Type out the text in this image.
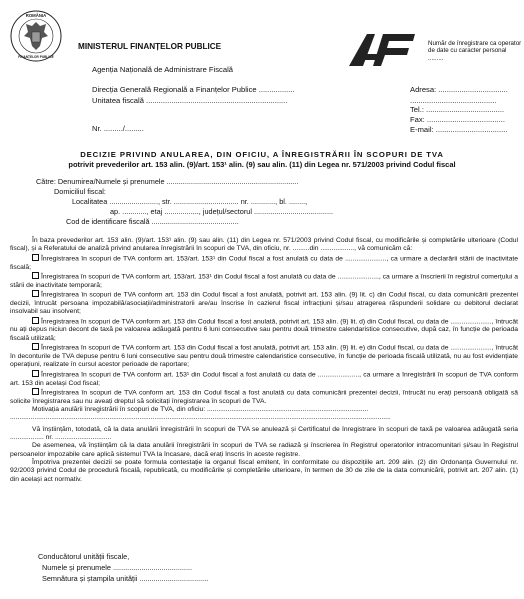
ROMÂNIA
FINANȚELOR PUBLICE
MINISTERUL FINANȚELOR PUBLICE
Agenția Națională de Administrare Fiscală
Direcția Generală Regională a Finanțelor Publice .................
Unitatea fiscală ...................................................................
Nr. ........./.........
Număr de înregistrare ca operator de date cu caracter personal .........
Adresa: .................................
.........................................
Tel.: .....................................
Fax: .....................................
E-mail: ..................................
DECIZIE PRIVIND ANULAREA, DIN OFICIU, A ÎNREGISTRĂRII ÎN SCOPURI DE TVA
potrivit prevederilor art. 153 alin. (9)/art. 153¹ alin. (9) sau alin. (11) din Legea nr. 571/2003 privind Codul fiscal
Către: Denumirea/Numele și prenumele .................................................................
Domiciliul fiscal:
Localitatea ........................, str. ................................ nr. ............, bl. ........,
ap. ............, etaj ................., județul/sectorul .......................................
Cod de identificare fiscală ...........................................

În baza prevederilor art. 153 alin. (9)/art. 153¹ alin. (9) sau alin. (11) din Legea nr. 571/2003 privind Codul fiscal, cu modificările și completările ulterioare (Codul fiscal), și a Referatului de analiză privind anularea înregistrării în scopuri de TVA, din oficiu, nr. .........din .................., vă comunicăm că:

Înregistrarea în scopuri de TVA conform art. 153/art. 153¹ din Codul fiscal a fost anulată cu data de ......................, ca urmare a declarării stării de inactivitate fiscală;

Înregistrarea în scopuri de TVA conform art. 153/art. 153¹ din Codul fiscal a fost anulată cu data de ......................, ca urmare a înscrierii în registrul comerțului a stării de inactivitate temporară;

Înregistrarea în scopuri de TVA conform art. 153 din Codul fiscal a fost anulată, potrivit art. 153 alin. (9) lit. c) din Codul fiscal, cu data comunicării prezentei decizii, întrucât persoana impozabilă/asociații/administratorii are/au înscrise în cazierul fiscal infracțiuni și/sau atragerea răspunderii solidare cu debitorul declarat insolvabil sau insolvent;

Înregistrarea în scopuri de TVA conform art. 153 din Codul fiscal a fost anulată, potrivit art. 153 alin. (9) lit. d) din Codul fiscal, cu data de ......................, întrucât nu ați depus niciun decont de taxă pe valoarea adăugată pentru 6 luni consecutive sau pentru două trimestre calendaristice consecutive, după caz, în funcție de perioada fiscală utilizată;

Înregistrarea în scopuri de TVA conform art. 153 din Codul fiscal a fost anulată, potrivit art. 153 alin. (9) lit. e) din Codul fiscal, cu data de ......................, întrucât în deconturile de TVA depuse pentru 6 luni consecutive sau pentru două trimestre calendaristice consecutive, în funcție de perioada fiscală utilizată, nu au fost evidențiate operațiuni, realizate în cursul acestor perioade de raportare;

Înregistrarea în scopuri de TVA conform art. 153¹ din Codul fiscal a fost anulată cu data de ......................, ca urmare a înregistrării în scopuri de TVA conform art. 153 din același Cod fiscal;

Înregistrarea în scopuri de TVA conform art. 153 din Codul fiscal a fost anulată cu data comunicării prezentei decizii, întrucât nu erați persoană obligată să solicite înregistrarea sau nu aveați dreptul să solicitați înregistrarea în scopuri de TVA.

Motivația anulării înregistrării în scopuri de TVA, din oficiu: ......................................................................................

...........................................................................................................................................................................................................

Vă înștiințăm, totodată, că la data anulării înregistrării în scopuri de TVA se anulează și Certificatul de înregistrare în scopuri de taxă pe valoarea adăugată seria .................. nr. ..............................

De asemenea, vă înștiințăm că la data anulării înregistrării în scopuri de TVA se radiază și înscrierea în Registrul operatorilor intracomunitari și/sau în Registrul persoanelor impozabile care aplică sistemul TVA la încasare, dacă erați înscris în aceste registre.

Împotriva prezentei decizii se poate formula contestație la organul fiscal emitent, în conformitate cu dispozițiile art. 209 alin. (2) din Ordonanța Guvernului nr. 92/2003 privind Codul de procedură fiscală, republicată, cu modificările și completările ulterioare, în termen de 30 de zile de la data comunicării, potrivit art. 207 alin. (1) din același act normativ.

Conducătorul unității fiscale,
Numele și prenumele .......................................
Semnătura și ștampila unității ..................................
